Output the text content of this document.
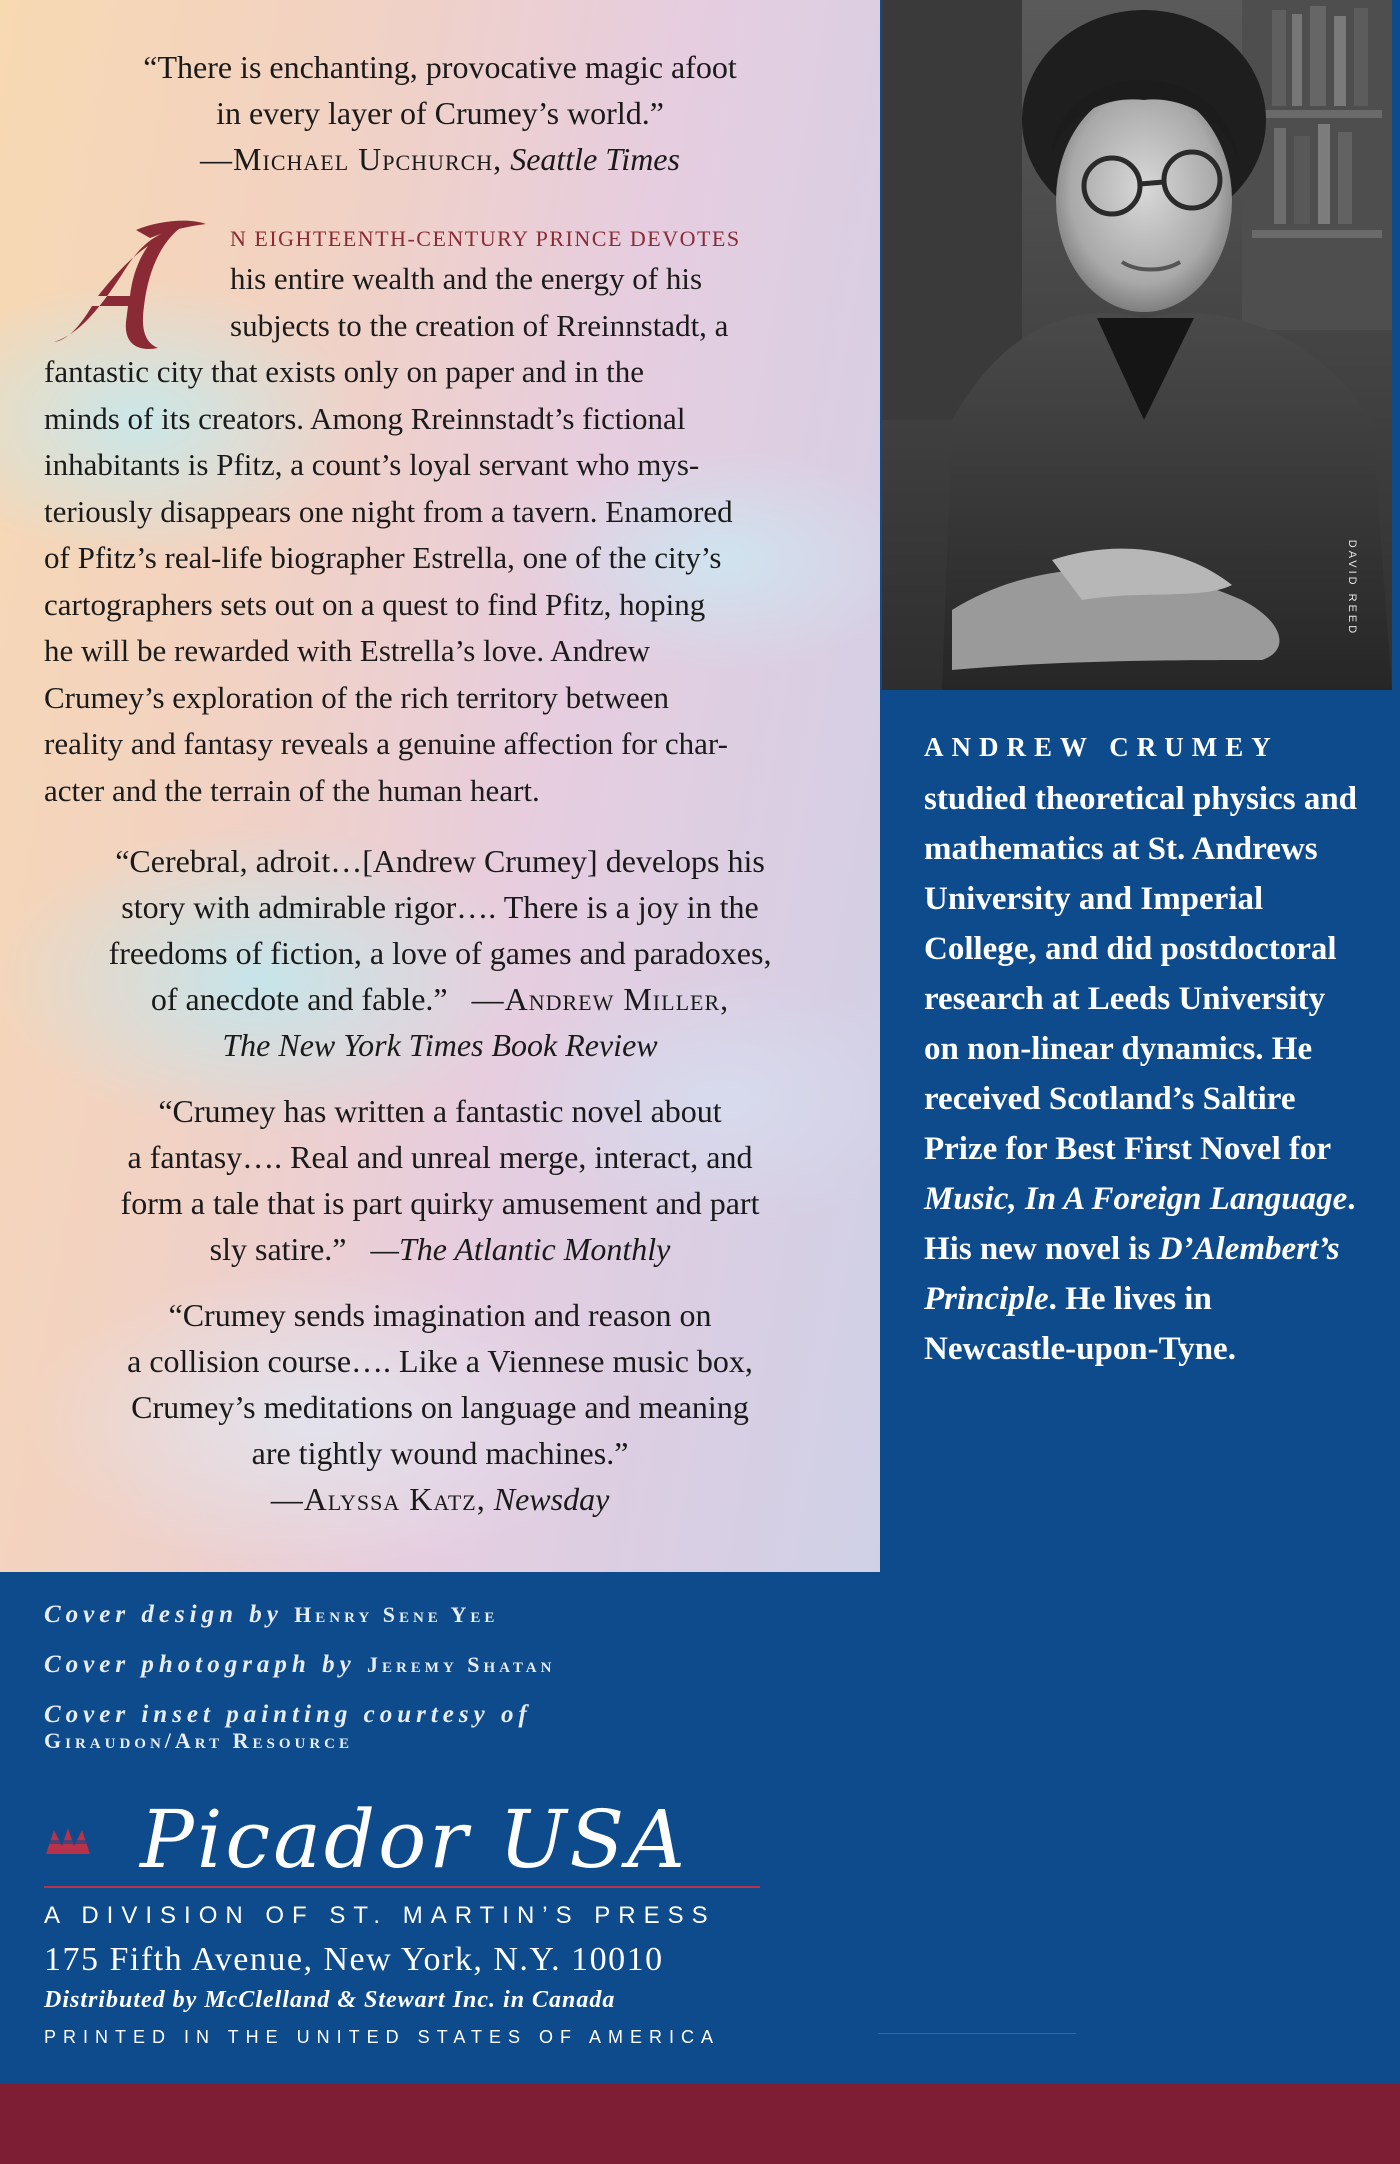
“There is enchanting, provocative magic afoot
in every layer of Crumey’s world.”
—Michael Upchurch, Seattle Times
A
N EIGHTEENTH-CENTURY PRINCE DEVOTES
his entire wealth and the energy of his
subjects to the creation of Rreinnstadt, a
fantastic city that exists only on paper and in the
minds of its creators. Among Rreinnstadt’s fictional
inhabitants is Pfitz, a count’s loyal servant who mys-
teriously disappears one night from a tavern. Enamored
of Pfitz’s real-life biographer Estrella, one of the city’s
cartographers sets out on a quest to find Pfitz, hoping
he will be rewarded with Estrella’s love. Andrew
Crumey’s exploration of the rich territory between
reality and fantasy reveals a genuine affection for char-
acter and the terrain of the human heart.
“Cerebral, adroit…[Andrew Crumey] develops his
story with admirable rigor…. There is a joy in the
freedoms of fiction, a love of games and paradoxes,
of anecdote and fable.” —Andrew Miller,
The New York Times Book Review
“Crumey has written a fantastic novel about
a fantasy…. Real and unreal merge, interact, and
form a tale that is part quirky amusement and part
sly satire.” —The Atlantic Monthly
“Crumey sends imagination and reason on
a collision course…. Like a Viennese music box,
Crumey’s meditations on language and meaning
are tightly wound machines.”
—Alyssa Katz, Newsday
DAVID REED
ANDREW CRUMEY
studied theoretical physics and mathematics at St. Andrews University and Imperial College, and did postdoctoral research at Leeds University on non-linear dynamics. He received Scotland’s Saltire Prize for Best First Novel for Music, In A Foreign Language. His new novel is D’Alembert’s Principle. He lives in Newcastle-upon-Tyne.
Cover design by Henry Sene Yee
Cover photograph by Jeremy Shatan
Cover inset painting courtesy of
Giraudon/Art Resource
Picador USA
A DIVISION OF ST. MARTIN’S PRESS
175 Fifth Avenue, New York, N.Y. 10010
Distributed by McClelland & Stewart Inc. in Canada
PRINTED IN THE UNITED STATES OF AMERICA
